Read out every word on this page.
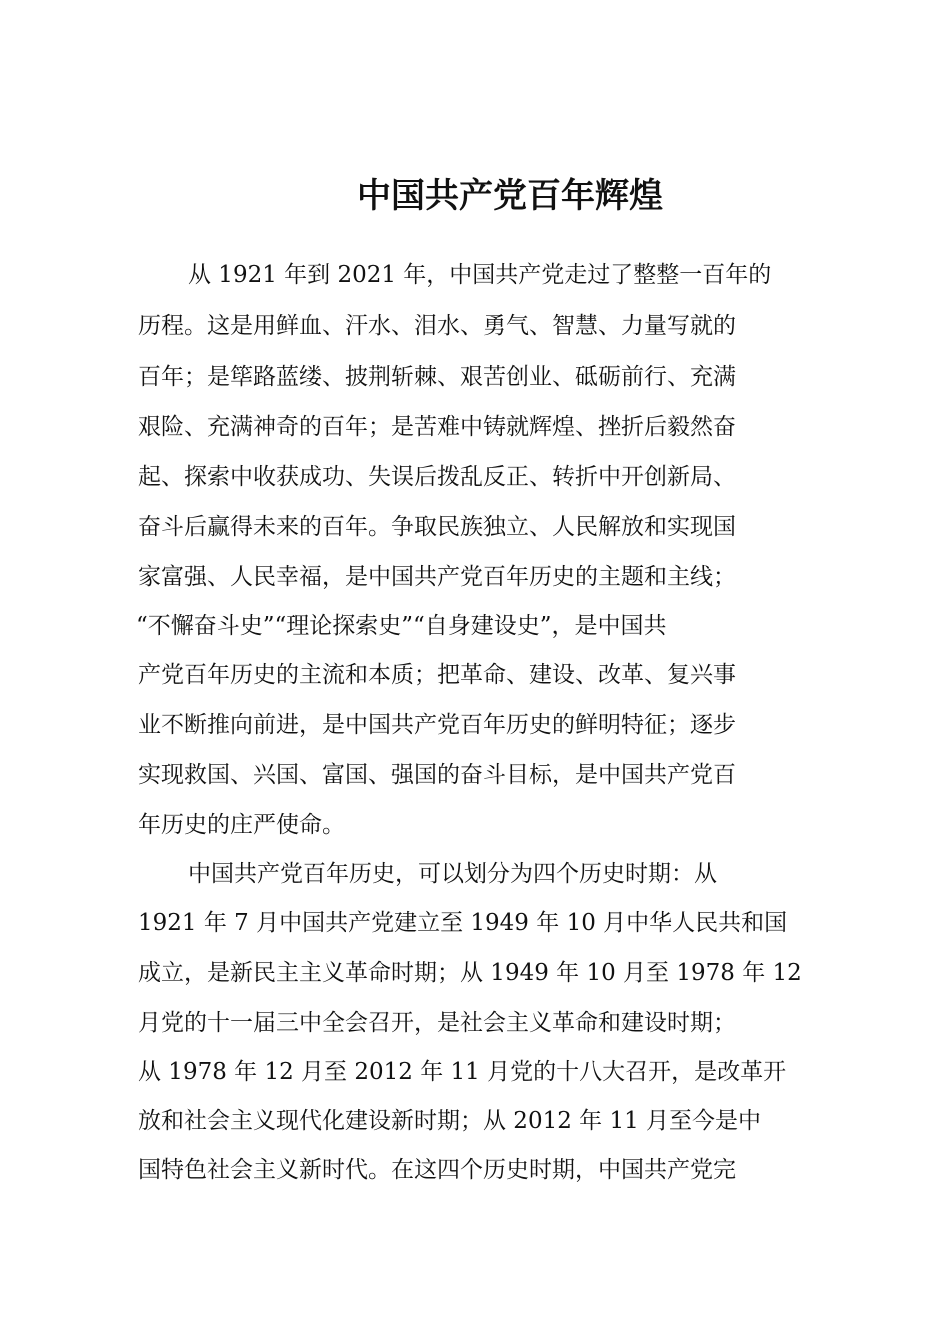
中国共产党百年辉煌

从 1921 年到 2021 年，中国共产党走过了整整一百年的

历程。这是用鲜血、汗水、泪水、勇气、智慧、力量写就的

百年；是筚路蓝缕、披荆斩棘、艰苦创业、砥砺前行、充满

艰险、充满神奇的百年；是苦难中铸就辉煌、挫折后毅然奋

起、探索中收获成功、失误后拨乱反正、转折中开创新局、

奋斗后赢得未来的百年。争取民族独立、人民解放和实现国

家富强、人民幸福，是中国共产党百年历史的主题和主线；

“不懈奋斗史”“理论探索史”“自身建设史”，是中国共

产党百年历史的主流和本质；把革命、建设、改革、复兴事

业不断推向前进，是中国共产党百年历史的鲜明特征；逐步

实现救国、兴国、富国、强国的奋斗目标，是中国共产党百

年历史的庄严使命。

中国共产党百年历史，可以划分为四个历史时期：从

1921 年 7 月中国共产党建立至 1949 年 10 月中华人民共和国

成立，是新民主主义革命时期；从 1949 年 10 月至 1978 年 12

月党的十一届三中全会召开，是社会主义革命和建设时期；

从 1978 年 12 月至 2012 年 11 月党的十八大召开，是改革开

放和社会主义现代化建设新时期；从 2012 年 11 月至今是中

国特色社会主义新时代。在这四个历史时期，中国共产党完
